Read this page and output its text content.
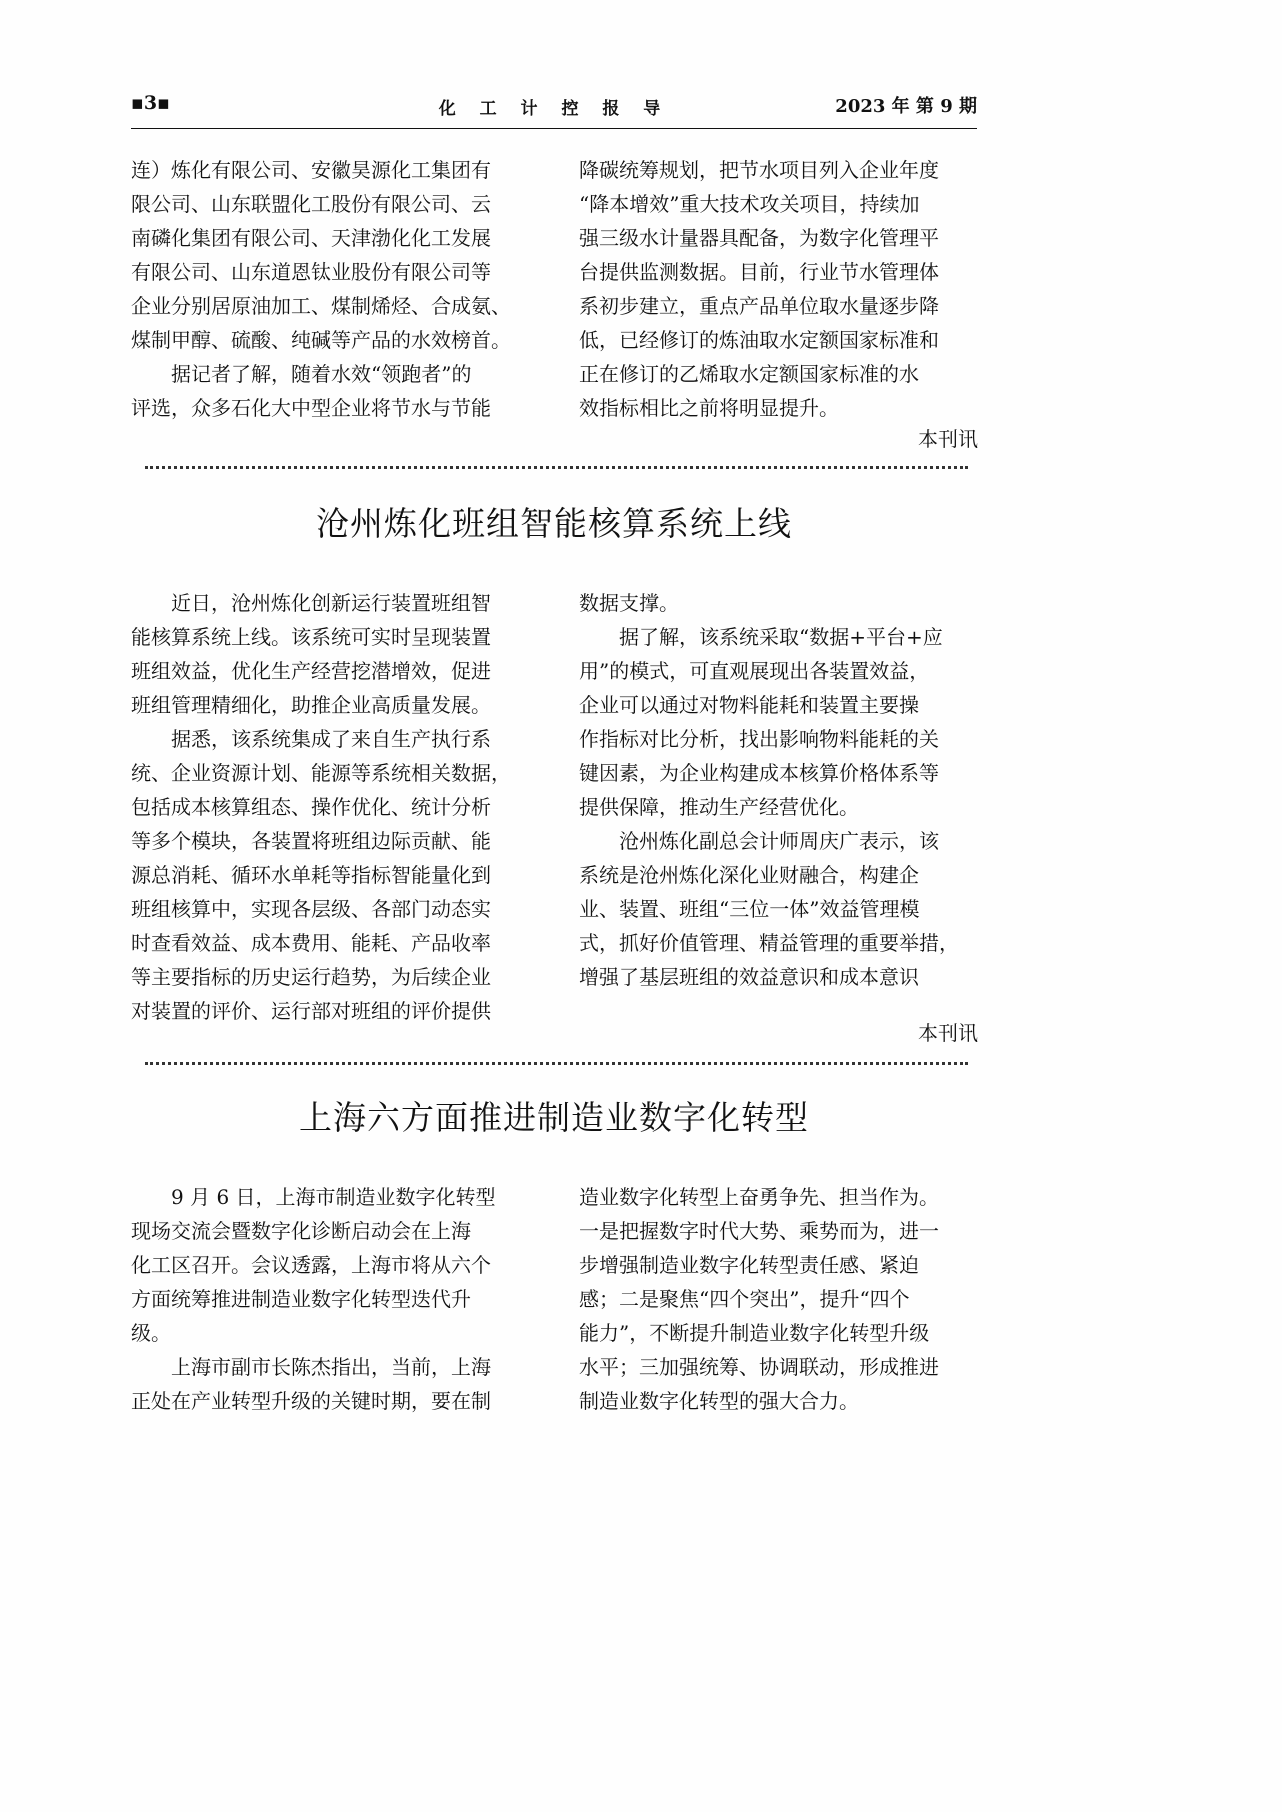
▪3▪	化 工 计 控 报 导	2023 年 第 9 期
连）炼化有限公司、安徽昊源化工集团有
限公司、山东联盟化工股份有限公司、云
南磷化集团有限公司、天津渤化化工发展
有限公司、山东道恩钛业股份有限公司等
企业分别居原油加工、煤制烯烃、合成氨、
煤制甲醇、硫酸、纯碱等产品的水效榜首。
　　据记者了解，随着水效“领跑者”的
评选，众多石化大中型企业将节水与节能
降碳统筹规划，把节水项目列入企业年度
“降本增效”重大技术攻关项目，持续加
强三级水计量器具配备，为数字化管理平
台提供监测数据。目前，行业节水管理体
系初步建立，重点产品单位取水量逐步降
低，已经修订的炼油取水定额国家标准和
正在修订的乙烯取水定额国家标准的水
效指标相比之前将明显提升。
本刊讯
沧州炼化班组智能核算系统上线
　　近日，沧州炼化创新运行装置班组智
能核算系统上线。该系统可实时呈现装置
班组效益，优化生产经营挖潜增效，促进
班组管理精细化，助推企业高质量发展。
　　据悉，该系统集成了来自生产执行系
统、企业资源计划、能源等系统相关数据，
包括成本核算组态、操作优化、统计分析
等多个模块，各装置将班组边际贡献、能
源总消耗、循环水单耗等指标智能量化到
班组核算中，实现各层级、各部门动态实
时查看效益、成本费用、能耗、产品收率
等主要指标的历史运行趋势，为后续企业
对装置的评价、运行部对班组的评价提供
数据支撑。
　　据了解，该系统采取“数据+平台+应
用”的模式，可直观展现出各装置效益，
企业可以通过对物料能耗和装置主要操
作指标对比分析，找出影响物料能耗的关
键因素，为企业构建成本核算价格体系等
提供保障，推动生产经营优化。
　　沧州炼化副总会计师周庆广表示，该
系统是沧州炼化深化业财融合，构建企
业、装置、班组“三位一体”效益管理模
式，抓好价值管理、精益管理的重要举措，
增强了基层班组的效益意识和成本意识
本刊讯
上海六方面推进制造业数字化转型
　　9 月 6 日，上海市制造业数字化转型
现场交流会暨数字化诊断启动会在上海
化工区召开。会议透露，上海市将从六个
方面统筹推进制造业数字化转型迭代升
级。
　　上海市副市长陈杰指出，当前，上海
正处在产业转型升级的关键时期，要在制
造业数字化转型上奋勇争先、担当作为。
一是把握数字时代大势、乘势而为，进一
步增强制造业数字化转型责任感、紧迫
感；二是聚焦“四个突出”，提升“四个
能力”，不断提升制造业数字化转型升级
水平；三加强统筹、协调联动，形成推进
制造业数字化转型的强大合力。
